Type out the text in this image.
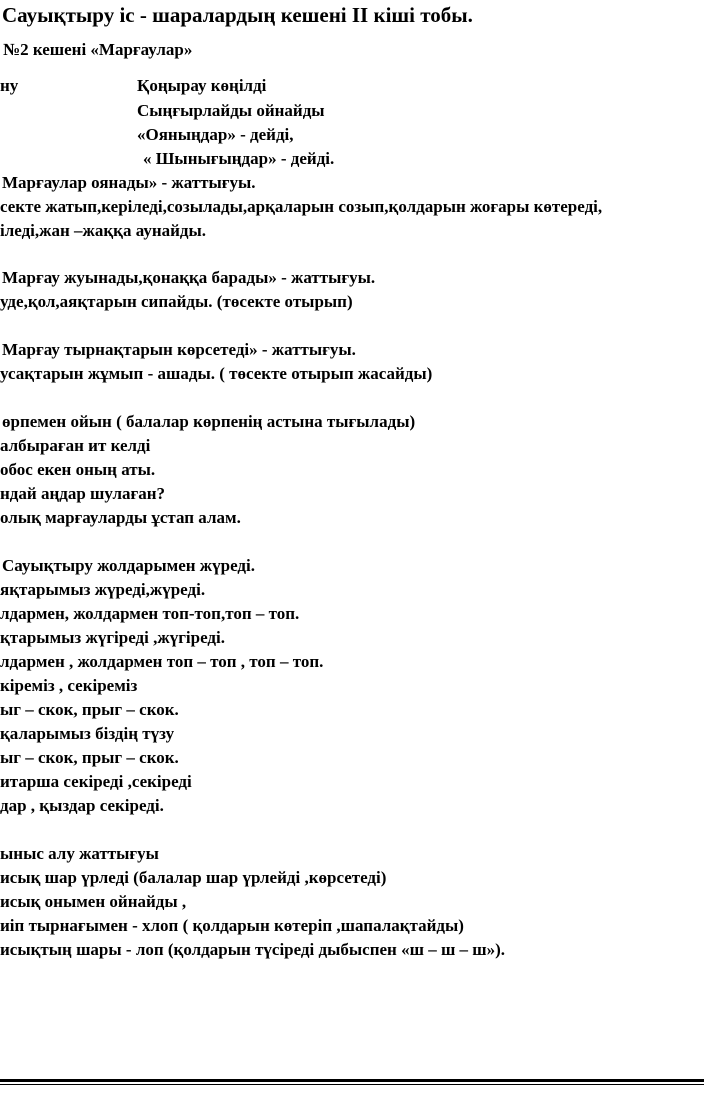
Сауықтыру іс - шаралардың кешені II кіші тобы.
№2 кешені «Марғаулар»
ну	Қоңырау көңілді
Сыңғырлайды ойнайды
«Ояныңдар» - дейді,
« Шынығыңдар» - дейді.
Марғаулар оянады» - жаттығуы.
секте жатып,керіледі,созылады,арқаларын созып,қолдарын жоғары көтереді,
іледі,жан –жаққа аунайды.
Марғау жуынады,қонаққа барады» - жаттығуы.
уде,қол,аяқтарын сипайды. (төсекте отырып)
Марғау тырнақтарын көрсетеді» - жаттығуы.
усақтарын жұмып - ашады. ( төсекте отырып жасайды)
өрпемен ойын ( балалар көрпенің астына тығылады)
албыраған ит келді
обос екен оның аты.
ндай аңдар шулаған?
олық марғауларды ұстап алам.
Сауықтыру жолдарымен жүреді.
яқтарымыз жүреді,жүреді.
лдармен, жолдармен топ-топ,топ – топ.
қтарымыз жүгіреді ,жүгіреді.
лдармен , жолдармен топ – топ , топ – топ.
кіреміз , секіреміз
ыг – скок, прыг – скок.
қаларымыз біздің түзу
ыг – скок, прыг – скок.
итарша секіреді ,секіреді
дар , қыздар секіреді.
ыныс алу жаттығуы
исық шар үрледі (балалар шар үрлейді ,көрсетеді)
исық онымен ойнайды ,
иіп тырнағымен - хлоп ( қолдарын көтеріп ,шапалақтайды)
исықтың шары - лоп (қолдарын түсіреді дыбыспен «ш – ш – ш»).
